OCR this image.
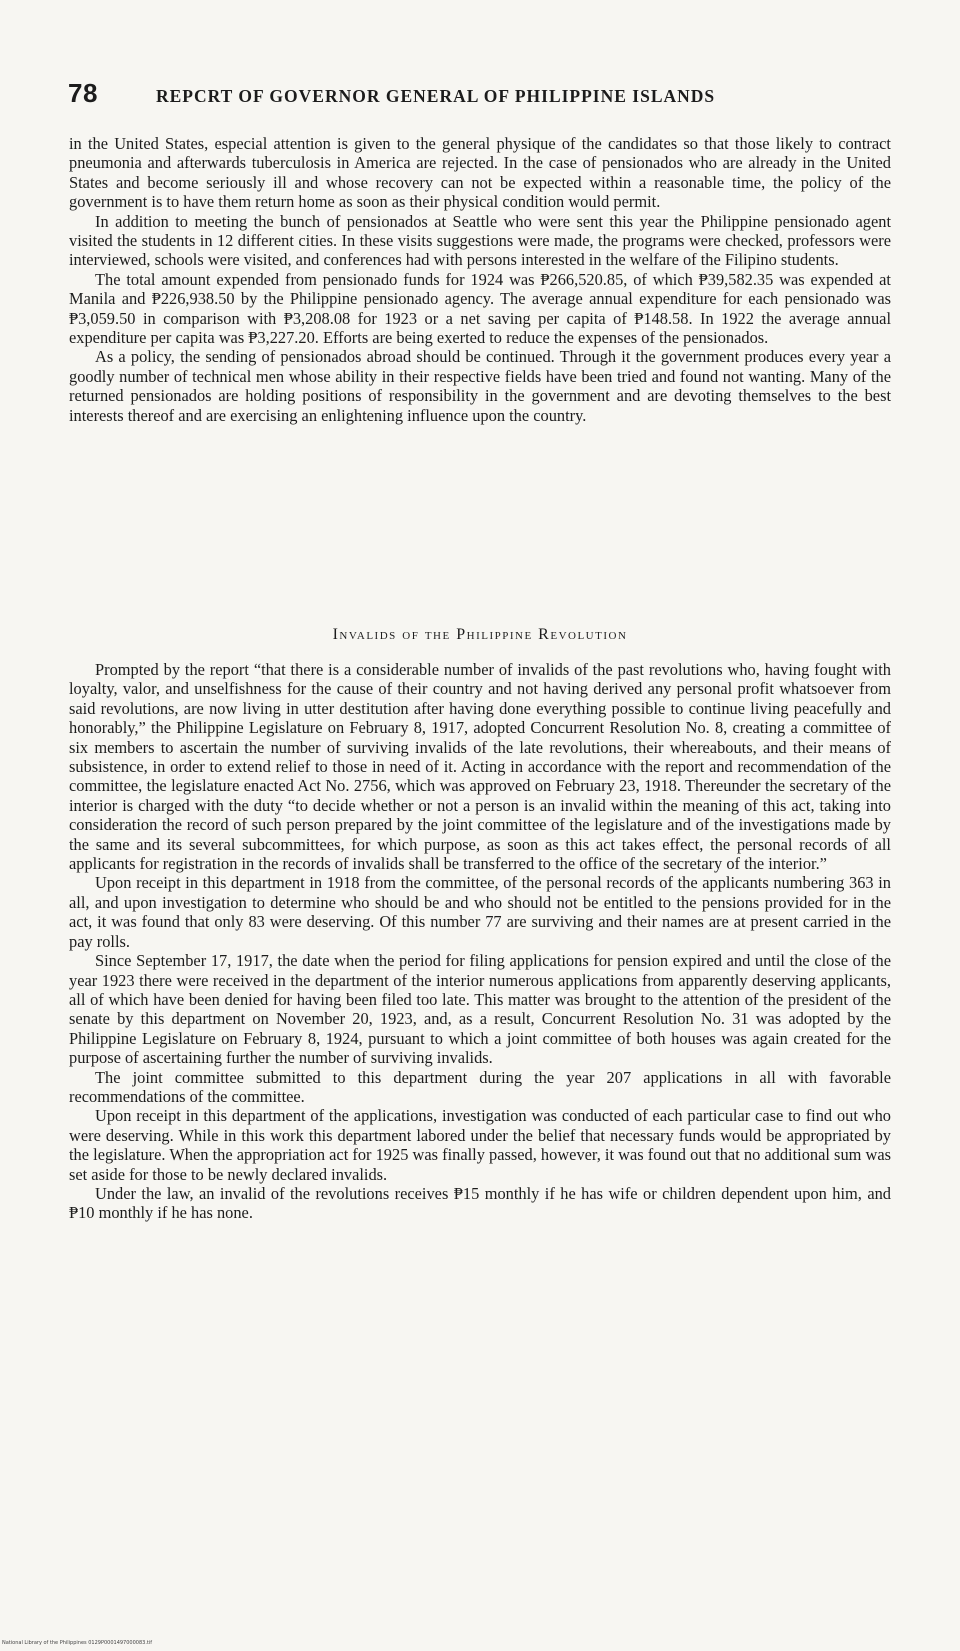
78	REPCRT OF GOVERNOR GENERAL OF PHILIPPINE ISLANDS

in the United States, especial attention is given to the general physique of the candidates so that those likely to contract pneumonia and afterwards tuberculosis in America are rejected. In the case of pensionados who are already in the United States and become seriously ill and whose recovery can not be expected within a reasonable time, the policy of the government is to have them return home as soon as their physical condition would permit.

In addition to meeting the bunch of pensionados at Seattle who were sent this year the Philippine pensionado agent visited the students in 12 different cities. In these visits suggestions were made, the programs were checked, professors were interviewed, schools were visited, and conferences had with persons interested in the welfare of the Filipino students.

The total amount expended from pensionado funds for 1924 was ₱266,520.85, of which ₱39,582.35 was expended at Manila and ₱226,938.50 by the Philippine pensionado agency. The average annual expenditure for each pensionado was ₱3,059.50 in comparison with ₱3,208.08 for 1923 or a net saving per capita of ₱148.58. In 1922 the average annual expenditure per capita was ₱3,227.20. Efforts are being exerted to reduce the expenses of the pensionados.

As a policy, the sending of pensionados abroad should be continued. Through it the government produces every year a goodly number of technical men whose ability in their respective fields have been tried and found not wanting. Many of the returned pensionados are holding positions of responsibility in the government and are devoting themselves to the best interests thereof and are exercising an enlightening influence upon the country.

Invalids of the Philippine Revolution

Prompted by the report “that there is a considerable number of invalids of the past revolutions who, having fought with loyalty, valor, and unselfishness for the cause of their country and not having derived any personal profit whatsoever from said revolutions, are now living in utter destitution after having done everything possible to continue living peacefully and honorably,” the Philippine Legislature on February 8, 1917, adopted Concurrent Resolution No. 8, creating a committee of six members to ascertain the number of surviving invalids of the late revolutions, their whereabouts, and their means of subsistence, in order to extend relief to those in need of it. Acting in accordance with the report and recommendation of the committee, the legislature enacted Act No. 2756, which was approved on February 23, 1918. Thereunder the secretary of the interior is charged with the duty “to decide whether or not a person is an invalid within the meaning of this act, taking into consideration the record of such person prepared by the joint committee of the legislature and of the investigations made by the same and its several subcommittees, for which purpose, as soon as this act takes effect, the personal records of all applicants for registration in the records of invalids shall be transferred to the office of the secretary of the interior.”

Upon receipt in this department in 1918 from the committee, of the personal records of the applicants numbering 363 in all, and upon investigation to determine who should be and who should not be entitled to the pensions provided for in the act, it was found that only 83 were deserving. Of this number 77 are surviving and their names are at present carried in the pay rolls.

Since September 17, 1917, the date when the period for filing applications for pension expired and until the close of the year 1923 there were received in the department of the interior numerous applications from apparently deserving applicants, all of which have been denied for having been filed too late. This matter was brought to the attention of the president of the senate by this department on November 20, 1923, and, as a result, Concurrent Resolution No. 31 was adopted by the Philippine Legislature on February 8, 1924, pursuant to which a joint committee of both houses was again created for the purpose of ascertaining further the number of surviving invalids.

The joint committee submitted to this department during the year 207 applications in all with favorable recommendations of the committee.

Upon receipt in this department of the applications, investigation was conducted of each particular case to find out who were deserving. While in this work this department labored under the belief that necessary funds would be appropriated by the legislature. When the appropriation act for 1925 was finally passed, however, it was found out that no additional sum was set aside for those to be newly declared invalids.

Under the law, an invalid of the revolutions receives ₱15 monthly if he has wife or children dependent upon him, and ₱10 monthly if he has none.

National Library of the Philippines 0129P0001497000083.tif
